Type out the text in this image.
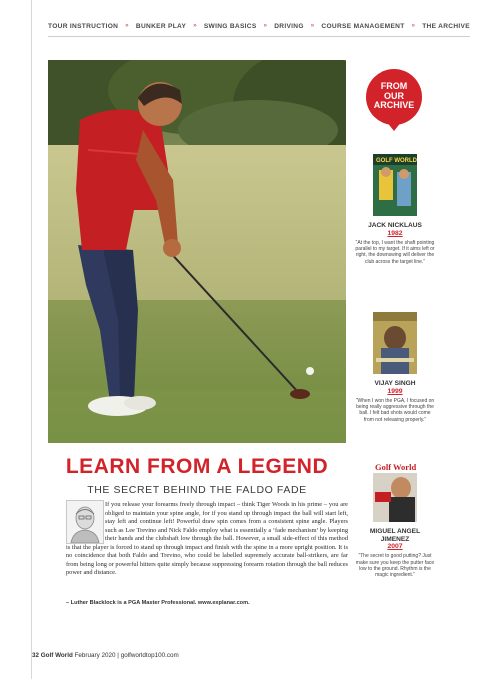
TOUR INSTRUCTION » BUNKER PLAY » SWING BASICS » DRIVING » COURSE MANAGEMENT » THE ARCHIVE
LEARN FROM A LEGEND
THE SECRET BEHIND THE FALDO FADE
If you release your forearms freely through impact – think Tiger Woods in his prime – you are obliged to maintain your spine angle, for if you stand up through impact the ball will start left, stay left and continue left! Powerful draw spin comes from a consistent spine angle. Players such as Lee Trevino and Nick Faldo employ what is essentially a ‘fade mechanism’ by keeping their hands and the clubshaft low through the ball. However, a small side-effect of this method is that the player is forced to stand up through impact and finish with the spine in a more upright position. It is no coincidence that both Faldo and Trevino, who could be labelled supremely accurate ball-strikers, are far from being long or powerful hitters quite simply because suppressing forearm rotation through the ball reduces power and distance.
– Luther Blacklock is a PGA Master Professional. www.explanar.com.
32 Golf World February 2020 | golfworldtop100.com
FROM
OUR
ARCHIVE
GOLF WORLD
JACK NICKLAUS
1982
“At the top, I want the shaft pointing parallel to my target. If it aims left or right, the downswing will deliver the club across the target line.”
VIJAY SINGH
1999
“When I won the PGA, I focused on being really aggressive through the ball. I felt bad shots would come from not releasing properly.”
Golf World
MIGUEL ANGEL JIMENEZ
2007
“The secret to good putting? Just make sure you keep the putter face low to the ground. Rhythm is the magic ingredient.”
